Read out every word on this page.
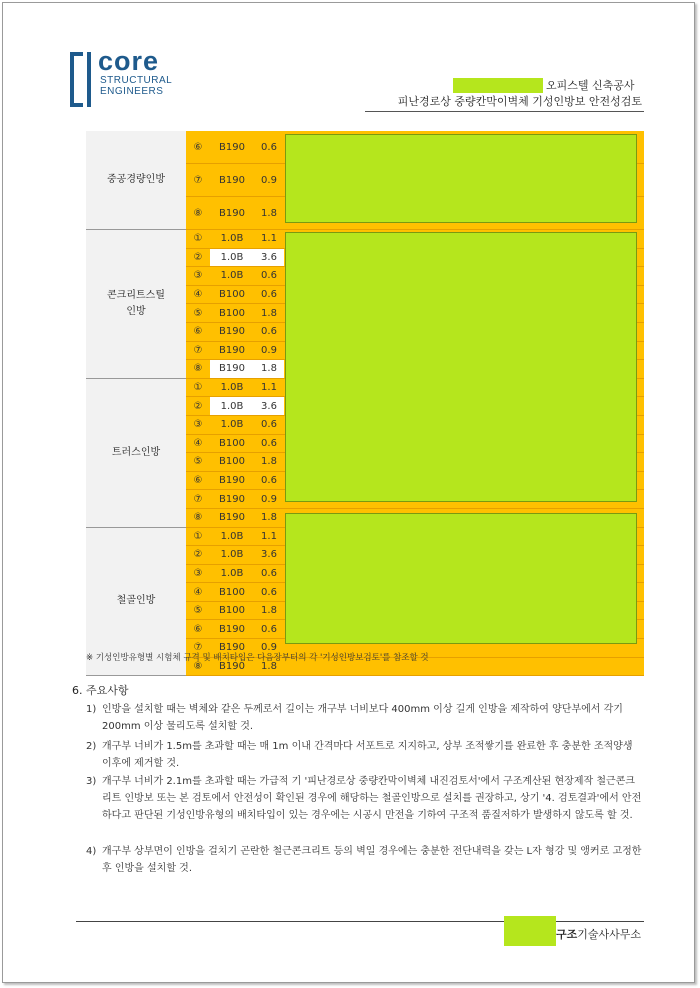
core
STRUCTURAL
ENGINEERS	오피스텔 신축공사
피난경로상 중량칸막이벽체 기성인방보 안전성검토
중공경량인방	⑥	B190	0.6	
	⑦	B190	0.9	
	⑧	B190	1.8	
콘크리트스틸
인방	①	1.0B	1.1	
	②	1.0B	3.6	
	③	1.0B	0.6	
	④	B100	0.6	
	⑤	B100	1.8	
	⑥	B190	0.6	
	⑦	B190	0.9	
	⑧	B190	1.8	
트러스인방	①	1.0B	1.1	
	②	1.0B	3.6	
	③	1.0B	0.6	
	④	B100	0.6	
	⑤	B100	1.8	
	⑥	B190	0.6	
	⑦	B190	0.9	
	⑧	B190	1.8	
철골인방	①	1.0B	1.1	
	②	1.0B	3.6	
	③	1.0B	0.6	
	④	B100	0.6	
	⑤	B100	1.8	
	⑥	B190	0.6	
	⑦	B190	0.9	
	⑧	B190	1.8	
※ 기성인방유형별 시험체 규격 및 배치타입은 다음장부터의 각 '기성인방보검토'를 참조할 것
6. 주요사항
1) 인방을 설치할 때는 벽체와 같은 두께로서 길이는 개구부 너비보다 400mm 이상 길게 인방을 제작하여 양단부에서 각기 200mm 이상 물리도록 설치할 것.
2) 개구부 너비가 1.5m를 초과할 때는 매 1m 이내 간격마다 서포트로 지지하고, 상부 조적쌓기를 완료한 후 충분한 조적양생 이후에 제거할 것.
3) 개구부 너비가 2.1m를 초과할 때는 가급적 기 '피난경로상 중량칸막이벽체 내진검토서'에서 구조계산된 현장제작 철근콘크리트 인방보 또는 본 검토에서 안전성이 확인된 경우에 해당하는 철골인방으로 설치를 권장하고, 상기 '4. 검토결과'에서 안전하다고 판단된 기성인방유형의 배치타입이 있는 경우에는 시공시 만전을 기하여 구조적 품질저하가 발생하지 않도록 할 것.
4) 개구부 상부면이 인방을 걸치기 곤란한 철근콘크리트 등의 벽일 경우에는 충분한 전단내력을 갖는 L자 형강 및 앵커로 고정한 후 인방을 설치할 것.
구조기술사사무소
